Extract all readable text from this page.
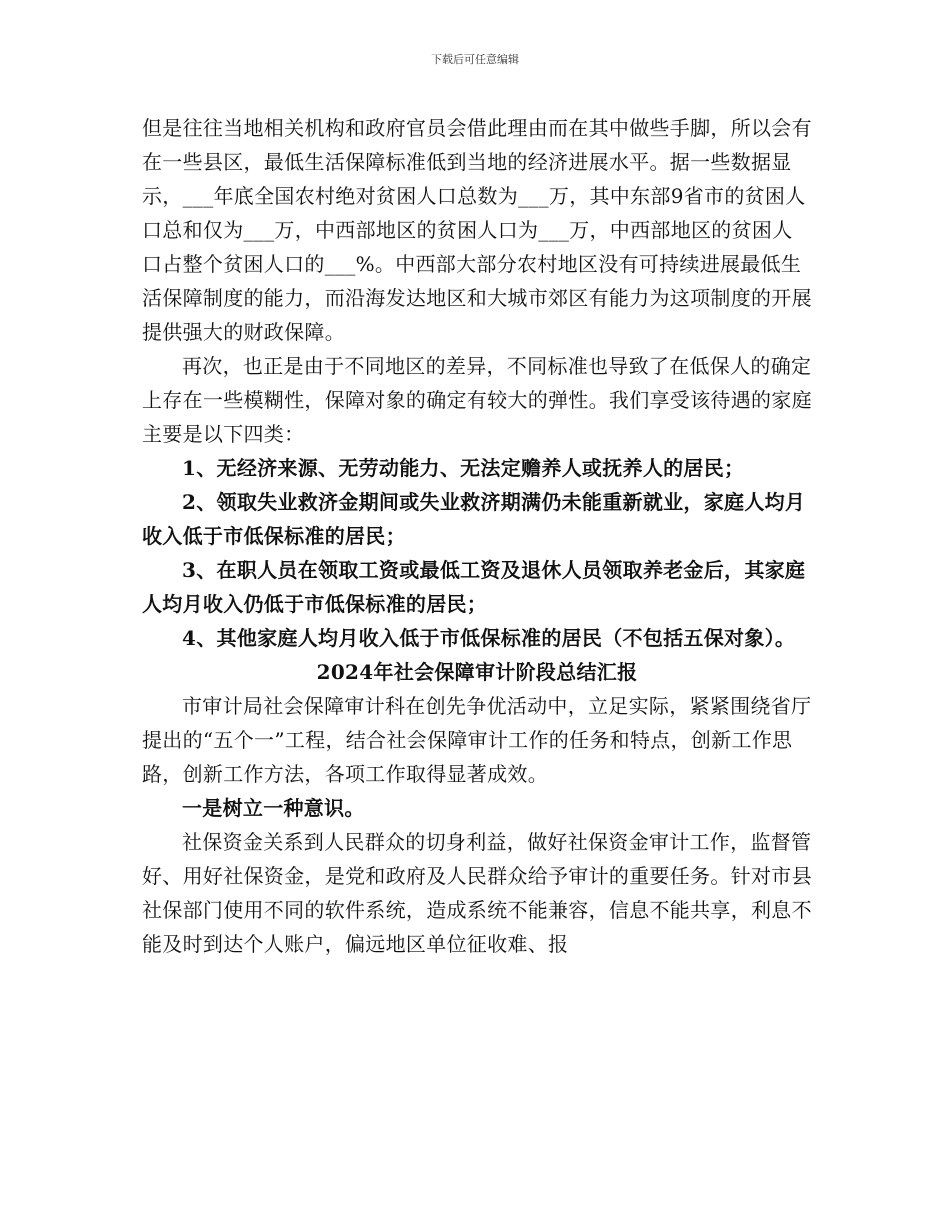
下载后可任意编辑

但是往往当地相关机构和政府官员会借此理由而在其中做些手脚，所以会有在一些县区，最低生活保障标准低到当地的经济进展水平。据一些数据显示，___年底全国农村绝对贫困人口总数为___万，其中东部9省市的贫困人口总和仅为___万，中西部地区的贫困人口为___万，中西部地区的贫困人口占整个贫困人口的___%。中西部大部分农村地区没有可持续进展最低生活保障制度的能力，而沿海发达地区和大城市郊区有能力为这项制度的开展提供强大的财政保障。

再次，也正是由于不同地区的差异，不同标准也导致了在低保人的确定上存在一些模糊性，保障对象的确定有较大的弹性。我们享受该待遇的家庭主要是以下四类：

1、无经济来源、无劳动能力、无法定赡养人或抚养人的居民；

2、领取失业救济金期间或失业救济期满仍未能重新就业，家庭人均月收入低于市低保标准的居民；

3、在职人员在领取工资或最低工资及退休人员领取养老金后，其家庭人均月收入仍低于市低保标准的居民；

4、其他家庭人均月收入低于市低保标准的居民（不包括五保对象）。

2024年社会保障审计阶段总结汇报

市审计局社会保障审计科在创先争优活动中，立足实际，紧紧围绕省厅提出的“五个一”工程，结合社会保障审计工作的任务和特点，创新工作思路，创新工作方法，各项工作取得显著成效。

一是树立一种意识。

社保资金关系到人民群众的切身利益，做好社保资金审计工作，监督管好、用好社保资金，是党和政府及人民群众给予审计的重要任务。针对市县社保部门使用不同的软件系统，造成系统不能兼容，信息不能共享，利息不能及时到达个人账户，偏远地区单位征收难、报
